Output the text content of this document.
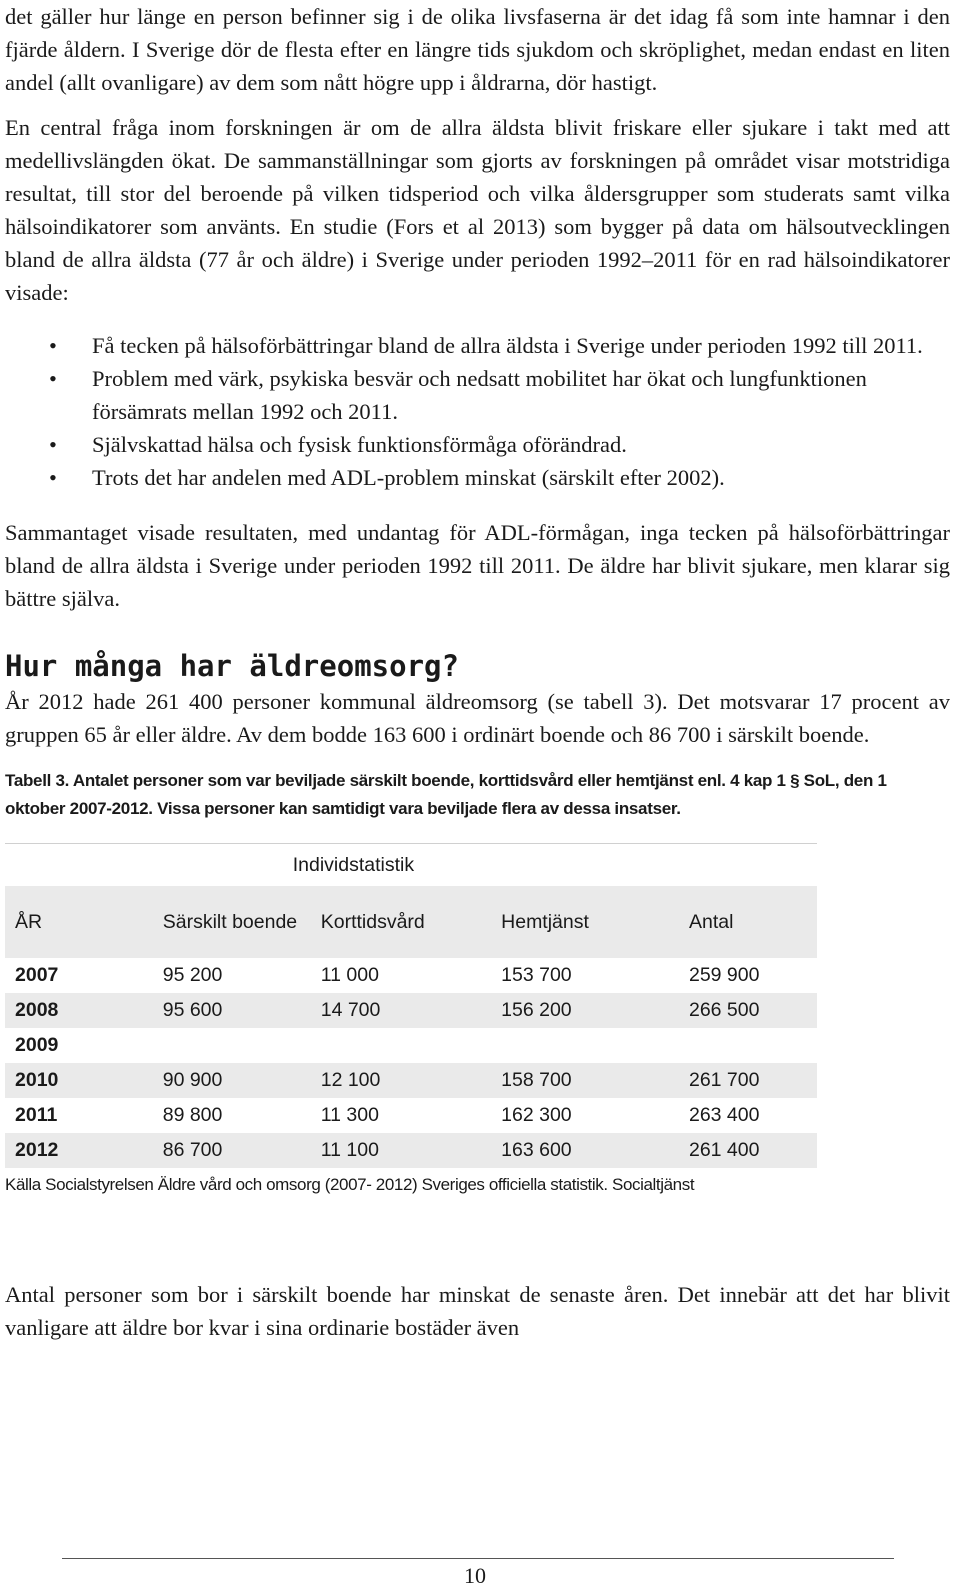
det gäller hur länge en person befinner sig i de olika livsfaserna är det idag få som inte hamnar i den fjärde åldern. I Sverige dör de flesta efter en längre tids sjukdom och skröplighet, medan endast en liten andel (allt ovanligare) av dem som nått högre upp i åldrarna, dör hastigt.

En central fråga inom forskningen är om de allra äldsta blivit friskare eller sjukare i takt med att medellivslängden ökat. De sammanställningar som gjorts av forskningen på området visar motstridiga resultat, till stor del beroende på vilken tidsperiod och vilka åldersgrupper som studerats samt vilka hälsoindikatorer som använts. En studie (Fors et al 2013) som bygger på data om hälsoutvecklingen bland de allra äldsta (77 år och äldre) i Sverige under perioden 1992–2011 för en rad hälsoindikatorer visade:

• Få tecken på hälsoförbättringar bland de allra äldsta i Sverige under perioden 1992 till 2011.
• Problem med värk, psykiska besvär och nedsatt mobilitet har ökat och lungfunktionen försämrats mellan 1992 och 2011.
• Självskattad hälsa och fysisk funktionsförmåga oförändrad.
• Trots det har andelen med ADL-problem minskat (särskilt efter 2002).

Sammantaget visade resultaten, med undantag för ADL-förmågan, inga tecken på hälsoförbättringar bland de allra äldsta i Sverige under perioden 1992 till 2011. De äldre har blivit sjukare, men klarar sig bättre själva.

Hur många har äldreomsorg?

År 2012 hade 261 400 personer kommunal äldreomsorg (se tabell 3). Det motsvarar 17 procent av gruppen 65 år eller äldre. Av dem bodde 163 600 i ordinärt boende och 86 700 i särskilt boende.

Tabell 3. Antalet personer som var beviljade särskilt boende, korttidsvård eller hemtjänst enl. 4 kap 1 § SoL, den 1 oktober 2007-2012. Vissa personer kan samtidigt vara beviljade flera av dessa insatser.
	Individstatistik			
ÅR	Särskilt boende	Korttidsvård	Hemtjänst	Antal
2007	95 200	11 000	153 700	259 900
2008	95 600	14 700	156 200	266 500
2009				
2010	90 900	12 100	158 700	261 700
2011	89 800	11 300	162 300	263 400
2012	86 700	11 100	163 600	261 400
Källa Socialstyrelsen Äldre vård och omsorg (2007- 2012) Sveriges officiella statistik. Socialtjänst

Antal personer som bor i särskilt boende har minskat de senaste åren. Det innebär att det har blivit vanligare att äldre bor kvar i sina ordinarie bostäder även

10
